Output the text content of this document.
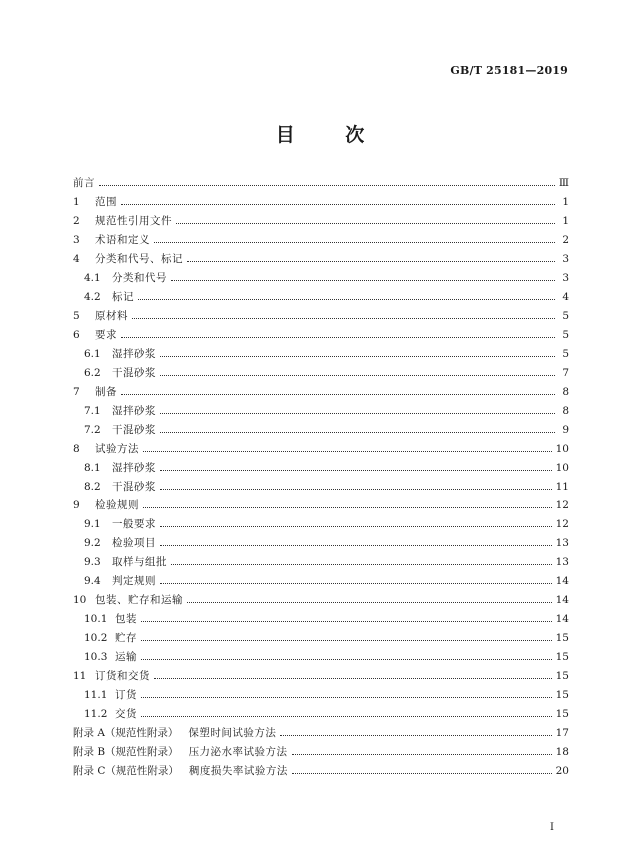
GB/T 25181—2019
目 次
前言	Ⅲ
1	范围	1
2	规范性引用文件	1
3	术语和定义	2
4	分类和代号、标记	3
4.1	分类和代号	3
4.2	标记	4
5	原材料	5
6	要求	5
6.1	湿拌砂浆	5
6.2	干混砂浆	7
7	制备	8
7.1	湿拌砂浆	8
7.2	干混砂浆	9
8	试验方法	10
8.1	湿拌砂浆	10
8.2	干混砂浆	11
9	检验规则	12
9.1	一般要求	12
9.2	检验项目	13
9.3	取样与组批	13
9.4	判定规则	14
10 包装、贮存和运输	14
10.1 包装	14
10.2 贮存	15
10.3 运输	15
11 订货和交货	15
11.1 订货	15
11.2 交货	15
附录 A（规范性附录） 保塑时间试验方法	17
附录 B（规范性附录） 压力泌水率试验方法	18
附录 C（规范性附录） 稠度损失率试验方法	20
I
